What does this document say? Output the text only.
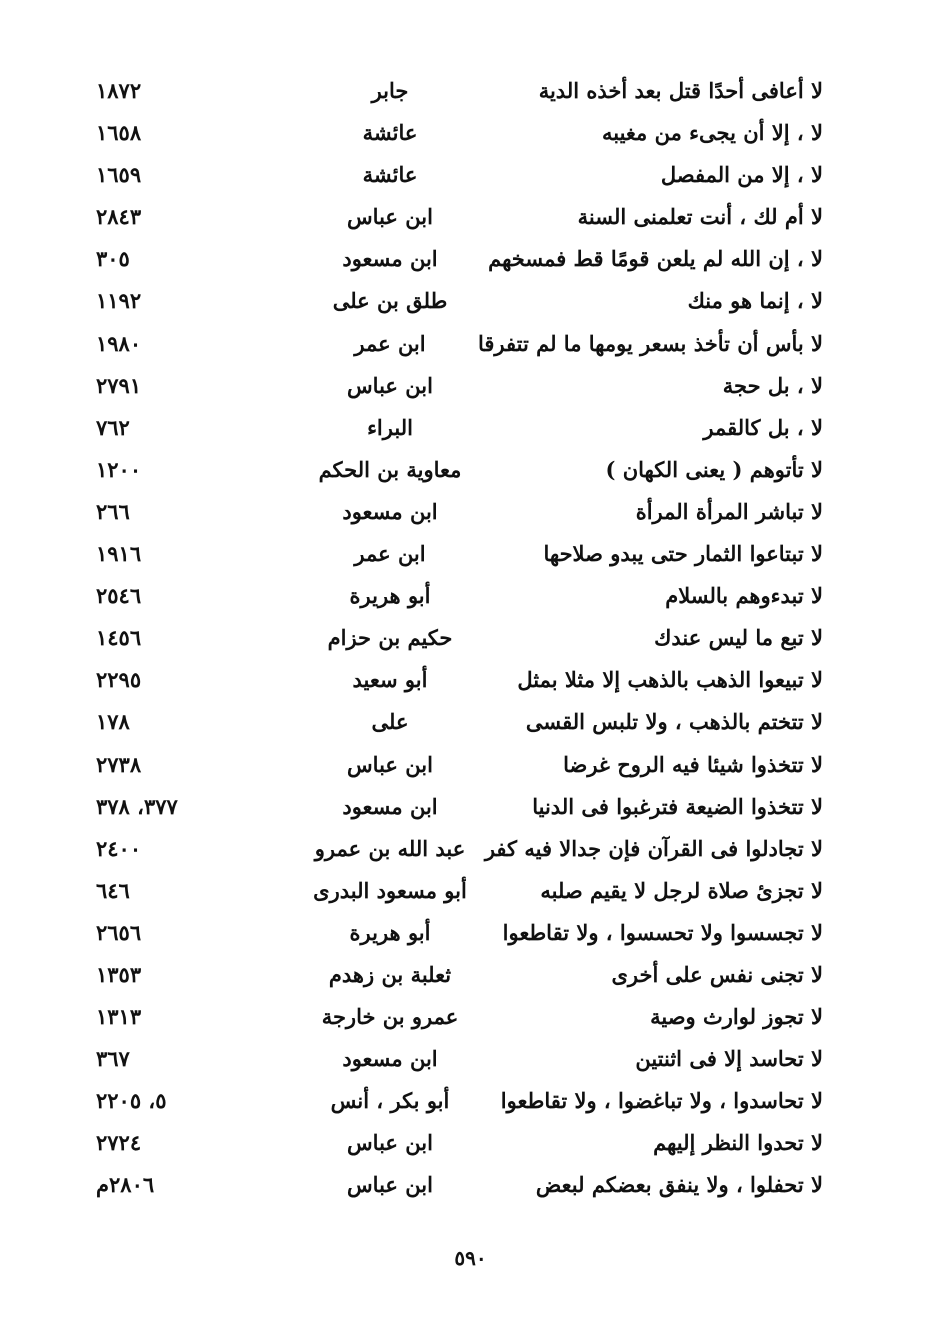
لا أعافى أحدًا قتل بعد أخذه الدية
جابر
١٨٧٢
لا ، إلا أن يجىء من مغيبه
عائشة
١٦٥٨
لا ، إلا من المفصل
عائشة
١٦٥٩
لا أم لك ، أنت تعلمنى السنة
ابن عباس
٢٨٤٣
لا ، إن الله لم يلعن قومًا قط فمسخهم
ابن مسعود
٣٠٥
لا ، إنما هو منك
طلق بن على
١١٩٢
لا بأس أن تأخذ بسعر يومها ما لم تتفرقا
ابن عمر
١٩٨٠
لا ، بل حجة
ابن عباس
٢٧٩١
لا ، بل كالقمر
البراء
٧٦٢
لا تأتوهم ( يعنى الكهان )
معاوية بن الحكم
١٢٠٠
لا تباشر المرأة المرأة
ابن مسعود
٢٦٦
لا تبتاعوا الثمار حتى يبدو صلاحها
ابن عمر
١٩١٦
لا تبدءوهم بالسلام
أبو هريرة
٢٥٤٦
لا تبع ما ليس عندك
حكيم بن حزام
١٤٥٦
لا تبيعوا الذهب بالذهب إلا مثلا بمثل
أبو سعيد
٢٢٩٥
لا تتختم بالذهب ، ولا تلبس القسى
على
١٧٨
لا تتخذوا شيئا فيه الروح غرضا
ابن عباس
٢٧٣٨
لا تتخذوا الضيعة فترغبوا فى الدنيا
ابن مسعود
٣٧٧، ٣٧٨
لا تجادلوا فى القرآن فإن جدالا فيه كفر
عبد الله بن عمرو
٢٤٠٠
لا تجزئ صلاة لرجل لا يقيم صلبه
أبو مسعود البدرى
٦٤٦
لا تجسسوا ولا تحسسوا ، ولا تقاطعوا
أبو هريرة
٢٦٥٦
لا تجنى نفس على أخرى
ثعلبة بن زهدم
١٣٥٣
لا تجوز لوارث وصية
عمرو بن خارجة
١٣١٣
لا تحاسد إلا فى اثنتين
ابن مسعود
٣٦٧
لا تحاسدوا ، ولا تباغضوا ، ولا تقاطعوا
أبو بكر ، أنس
٥، ٢٢٠٥
لا تحدوا النظر إليهم
ابن عباس
٢٧٢٤
لا تحفلوا ، ولا ينفق بعضكم لبعض
ابن عباس
٢٨٠٦م
٥٩٠
